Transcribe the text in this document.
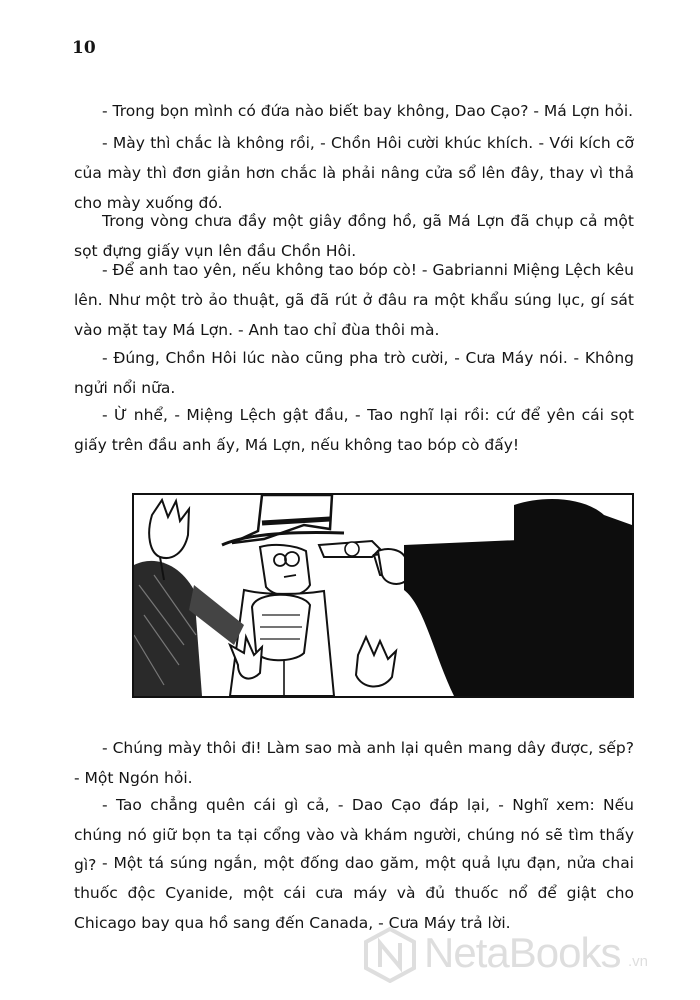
10

- Trong bọn mình có đứa nào biết bay không, Dao Cạo? - Má Lợn hỏi.

- Mày thì chắc là không rồi, - Chồn Hôi cười khúc khích. - Với kích cỡ của mày thì đơn giản hơn chắc là phải nâng cửa sổ lên đây, thay vì thả cho mày xuống đó.

Trong vòng chưa đầy một giây đồng hồ, gã Má Lợn đã chụp cả một sọt đựng giấy vụn lên đầu Chồn Hôi.

- Để anh tao yên, nếu không tao bóp cò! - Gabrianni Miệng Lệch kêu lên. Như một trò ảo thuật, gã đã rút ở đâu ra một khẩu súng lục, gí sát vào mặt tay Má Lợn. - Anh tao chỉ đùa thôi mà.

- Đúng, Chồn Hôi lúc nào cũng pha trò cười, - Cưa Máy nói. - Không ngửi nổi nữa.

- Ừ nhể, - Miệng Lệch gật đầu, - Tao nghĩ lại rồi: cứ để yên cái sọt giấy trên đầu anh ấy, Má Lợn, nếu không tao bóp cò đấy!

- Chúng mày thôi đi! Làm sao mà anh lại quên mang dây được, sếp? - Một Ngón hỏi.

- Tao chẳng quên cái gì cả, - Dao Cạo đáp lại, - Nghĩ xem: Nếu chúng nó giữ bọn ta tại cổng vào và khám người, chúng nó sẽ tìm thấy gì? - Một tá súng ngắn, một đống dao găm, một quả lựu đạn, nửa chai thuốc độc Cyanide, một cái cưa máy và đủ thuốc nổ để giật cho Chicago bay qua hồ sang đến Canada, - Cưa Máy trả lời.

NetaBooks .vn
